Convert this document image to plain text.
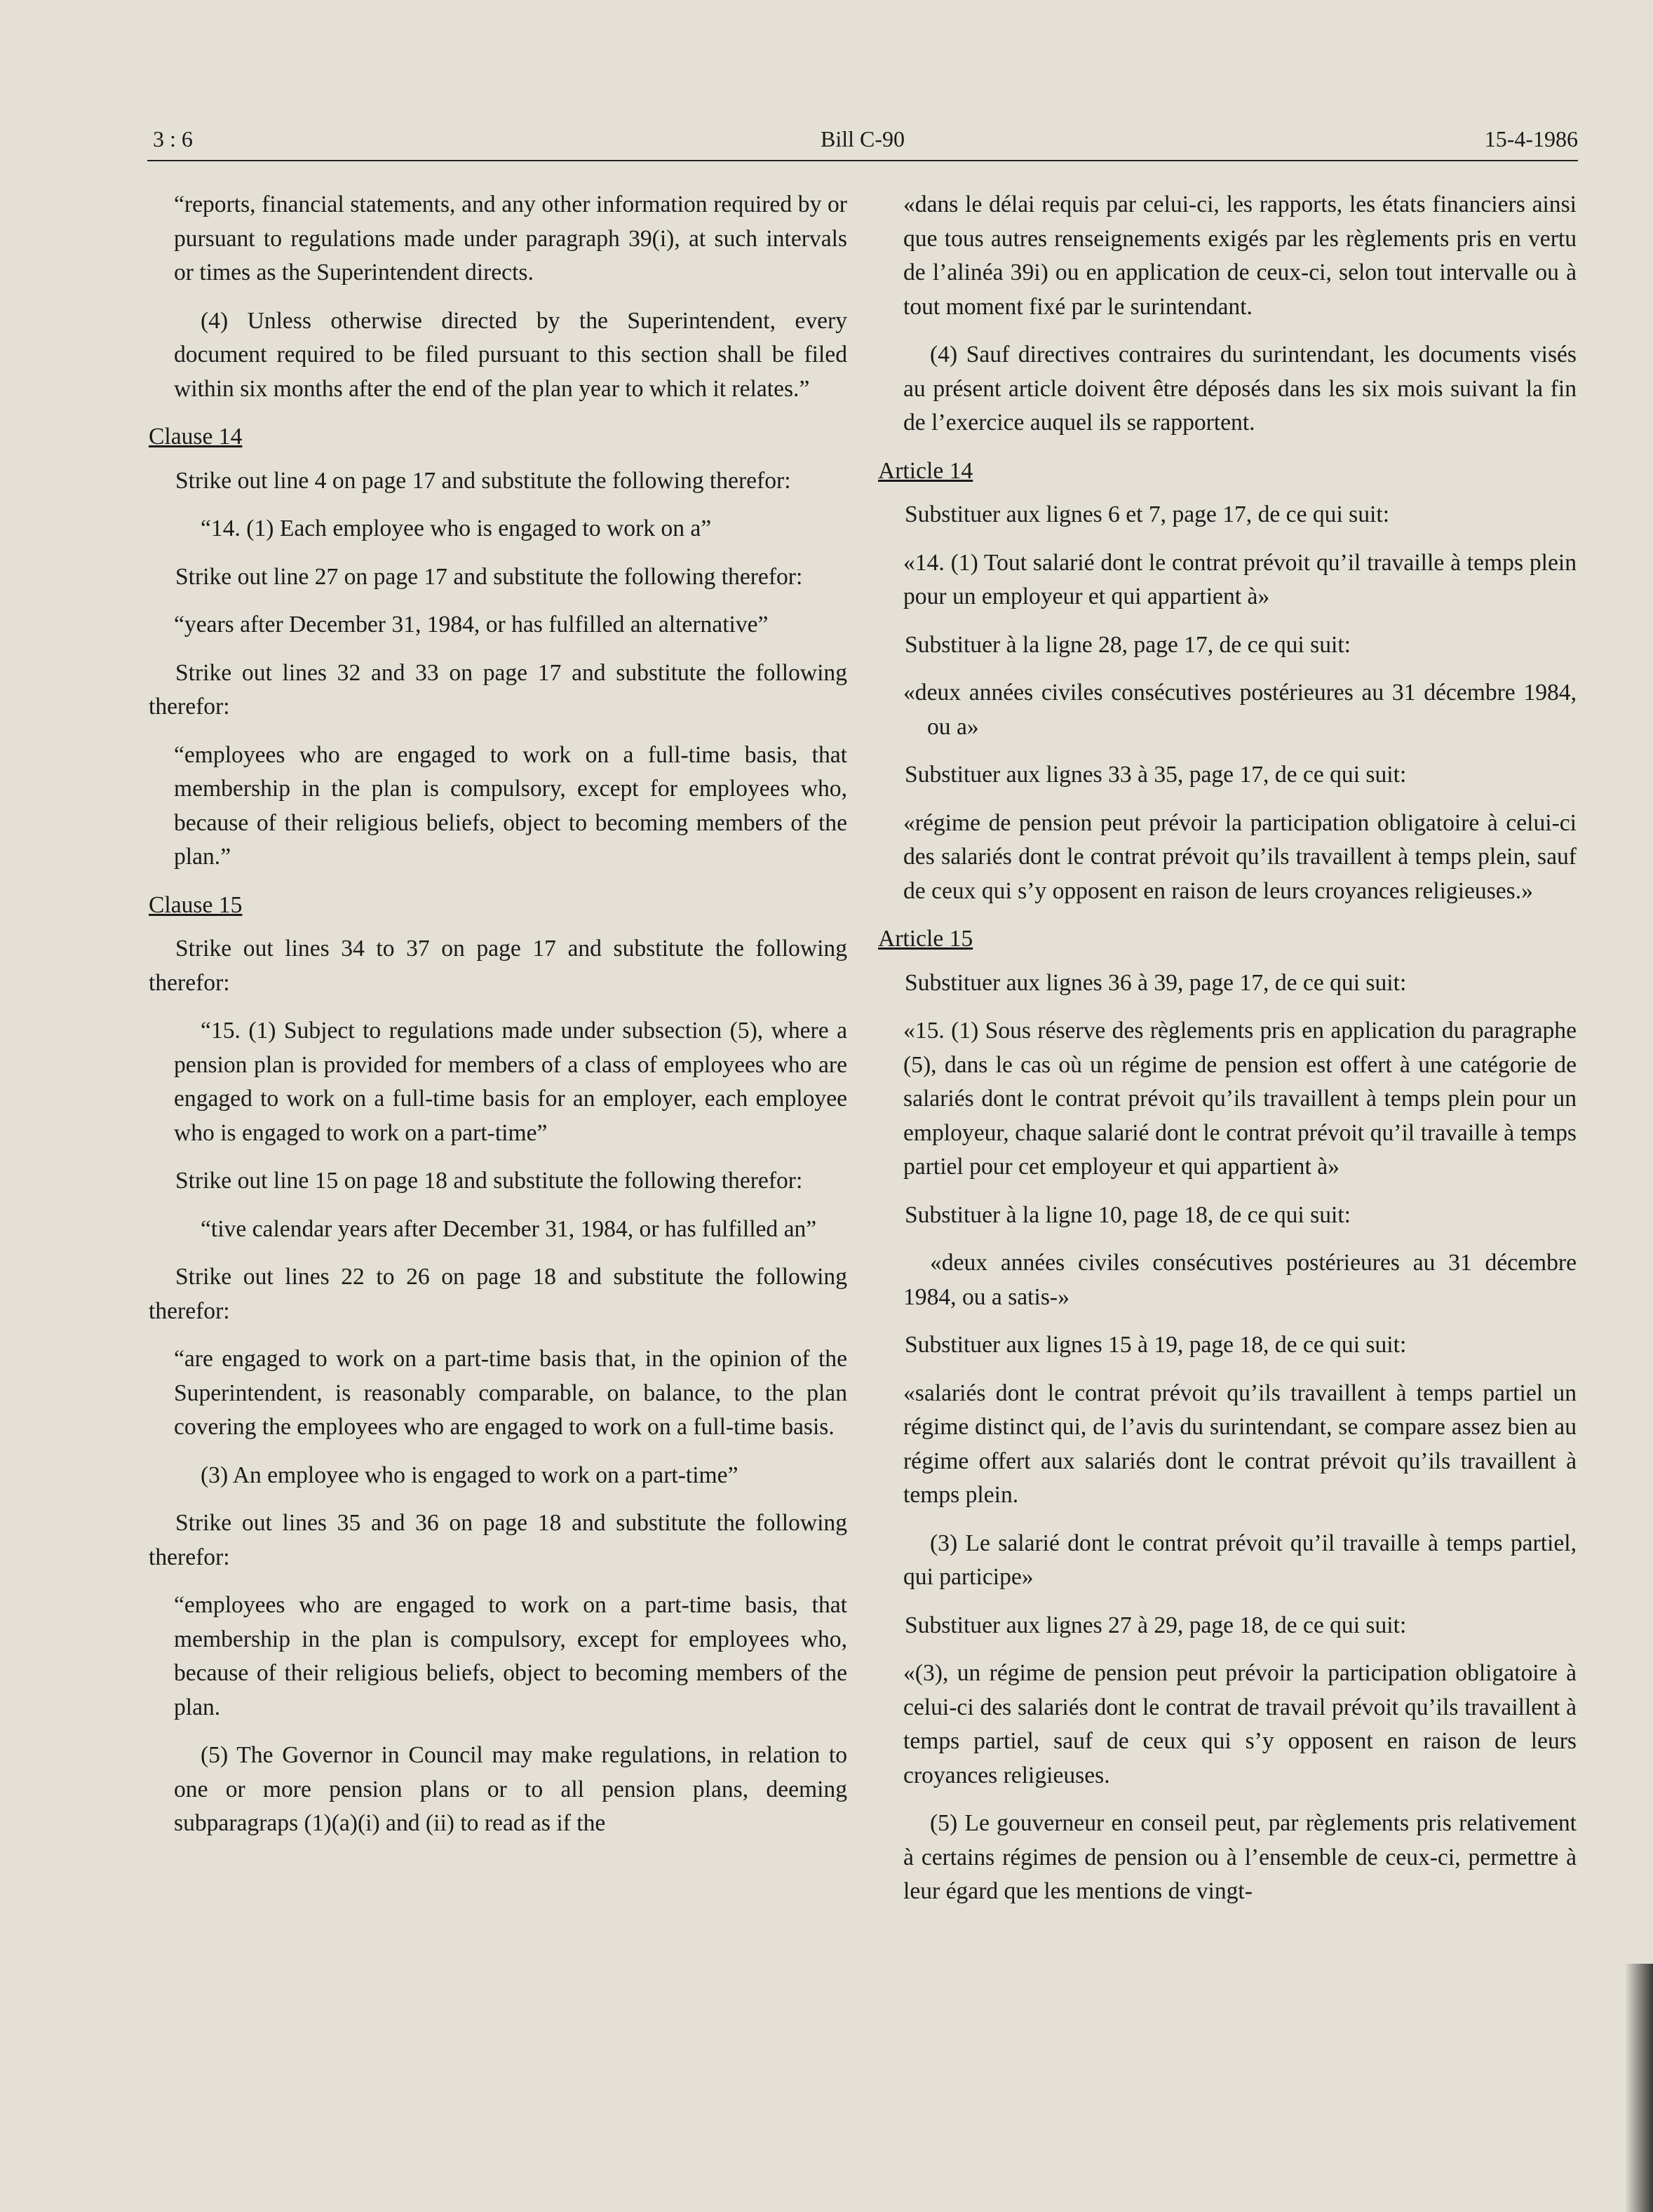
3 : 6	Bill C-90	15-4-1986
“reports, financial statements, and any other information required by or pursuant to regulations made under paragraph 39(i), at such intervals or times as the Superintendent directs.
(4) Unless otherwise directed by the Superintendent, every document required to be filed pursuant to this section shall be filed within six months after the end of the plan year to which it relates.”
Clause 14
Strike out line 4 on page 17 and substitute the following therefor:
“14. (1) Each employee who is engaged to work on a”
Strike out line 27 on page 17 and substitute the following therefor:
“years after December 31, 1984, or has fulfilled an alternative”
Strike out lines 32 and 33 on page 17 and substitute the following therefor:
“employees who are engaged to work on a full-time basis, that membership in the plan is compulsory, except for employees who, because of their religious beliefs, object to becoming members of the plan.”
Clause 15
Strike out lines 34 to 37 on page 17 and substitute the following therefor:
“15. (1) Subject to regulations made under subsection (5), where a pension plan is provided for members of a class of employees who are engaged to work on a full-time basis for an employer, each employee who is engaged to work on a part-time”
Strike out line 15 on page 18 and substitute the following therefor:
“tive calendar years after December 31, 1984, or has fulfilled an”
Strike out lines 22 to 26 on page 18 and substitute the following therefor:
“are engaged to work on a part-time basis that, in the opinion of the Superintendent, is reasonably comparable, on balance, to the plan covering the employees who are engaged to work on a full-time basis.
(3) An employee who is engaged to work on a part-time”
Strike out lines 35 and 36 on page 18 and substitute the following therefor:
“employees who are engaged to work on a part-time basis, that membership in the plan is compulsory, except for employees who, because of their religious beliefs, object to becoming members of the plan.
(5) The Governor in Council may make regulations, in relation to one or more pension plans or to all pension plans, deeming subparagraps (1)(a)(i) and (ii) to read as if the
«dans le délai requis par celui-ci, les rapports, les états financiers ainsi que tous autres renseignements exigés par les règlements pris en vertu de l’alinéa 39i) ou en application de ceux-ci, selon tout intervalle ou à tout moment fixé par le surintendant.
(4) Sauf directives contraires du surintendant, les documents visés au présent article doivent être déposés dans les six mois suivant la fin de l’exercice auquel ils se rapportent.
Article 14
Substituer aux lignes 6 et 7, page 17, de ce qui suit:
«14. (1) Tout salarié dont le contrat prévoit qu’il travaille à temps plein pour un employeur et qui appartient à»
Substituer à la ligne 28, page 17, de ce qui suit:
«deux années civiles consécutives postérieures au 31 décembre 1984, ou a»
Substituer aux lignes 33 à 35, page 17, de ce qui suit:
«régime de pension peut prévoir la participation obligatoire à celui-ci des salariés dont le contrat prévoit qu’ils travaillent à temps plein, sauf de ceux qui s’y opposent en raison de leurs croyances religieuses.»
Article 15
Substituer aux lignes 36 à 39, page 17, de ce qui suit:
«15. (1) Sous réserve des règlements pris en application du paragraphe (5), dans le cas où un régime de pension est offert à une catégorie de salariés dont le contrat prévoit qu’ils travaillent à temps plein pour un employeur, chaque salarié dont le contrat prévoit qu’il travaille à temps partiel pour cet employeur et qui appartient à»
Substituer à la ligne 10, page 18, de ce qui suit:
«deux années civiles consécutives postérieures au 31 décembre 1984, ou a satis-»
Substituer aux lignes 15 à 19, page 18, de ce qui suit:
«salariés dont le contrat prévoit qu’ils travaillent à temps partiel un régime distinct qui, de l’avis du surintendant, se compare assez bien au régime offert aux salariés dont le contrat prévoit qu’ils travaillent à temps plein.
(3) Le salarié dont le contrat prévoit qu’il travaille à temps partiel, qui participe»
Substituer aux lignes 27 à 29, page 18, de ce qui suit:
«(3), un régime de pension peut prévoir la participation obligatoire à celui-ci des salariés dont le contrat de travail prévoit qu’ils travaillent à temps partiel, sauf de ceux qui s’y opposent en raison de leurs croyances religieuses.
(5) Le gouverneur en conseil peut, par règlements pris relativement à certains régimes de pension ou à l’ensemble de ceux-ci, permettre à leur égard que les mentions de vingt-
